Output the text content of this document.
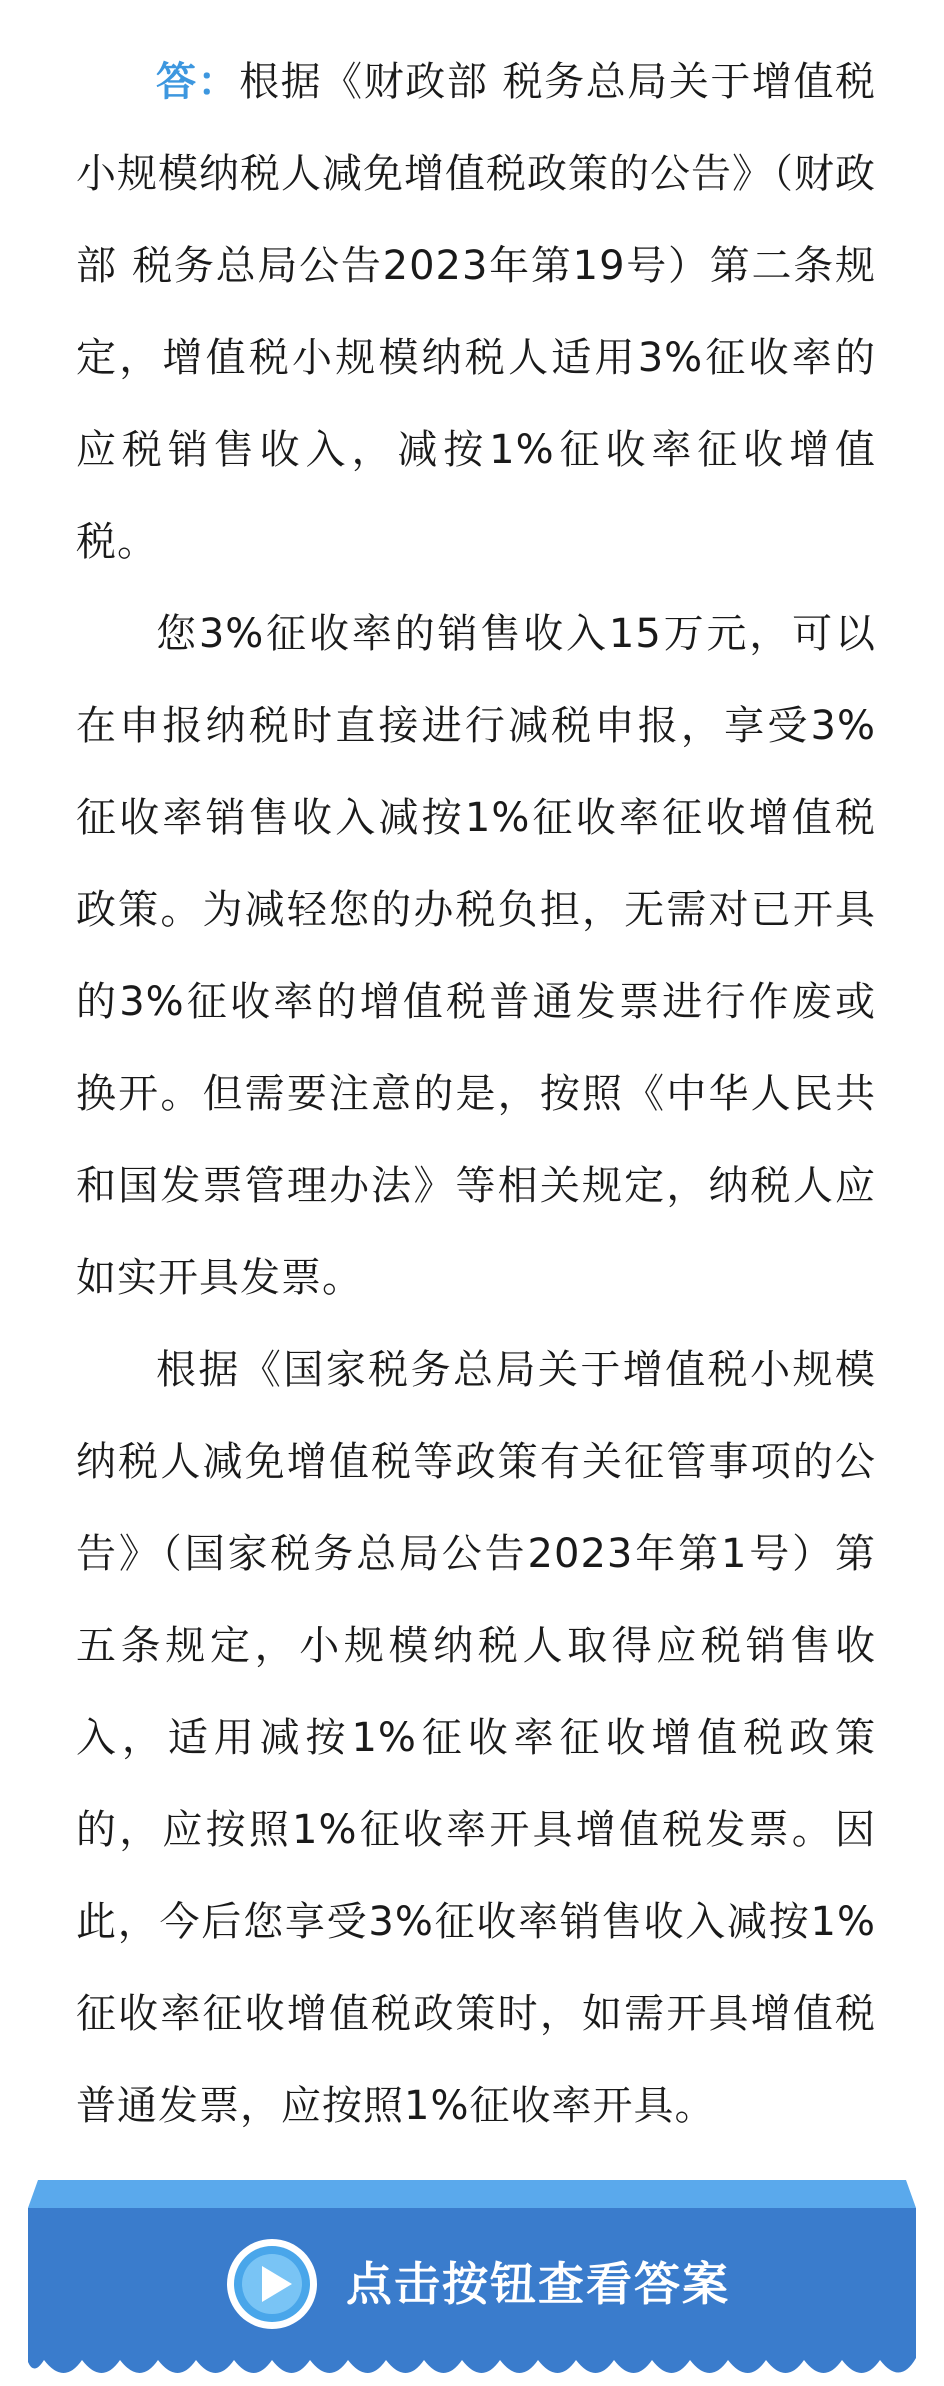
答：根据《财政部 税务总局关于增值税小规模纳税人减免增值税政策的公告》（财政部 税务总局公告2023年第19号）第二条规定，增值税小规模纳税人适用3%征收率的应税销售收入，减按1%征收率征收增值税。

您3%征收率的销售收入15万元，可以在申报纳税时直接进行减税申报，享受3%征收率销售收入减按1%征收率征收增值税政策。为减轻您的办税负担，无需对已开具的3%征收率的增值税普通发票进行作废或换开。但需要注意的是，按照《中华人民共和国发票管理办法》等相关规定，纳税人应如实开具发票。

根据《国家税务总局关于增值税小规模纳税人减免增值税等政策有关征管事项的公告》（国家税务总局公告2023年第1号）第五条规定，小规模纳税人取得应税销售收入，适用减按1%征收率征收增值税政策的，应按照1%征收率开具增值税发票。因此，今后您享受3%征收率销售收入减按1%征收率征收增值税政策时，如需开具增值税普通发票，应按照1%征收率开具。

点击按钮查看答案
